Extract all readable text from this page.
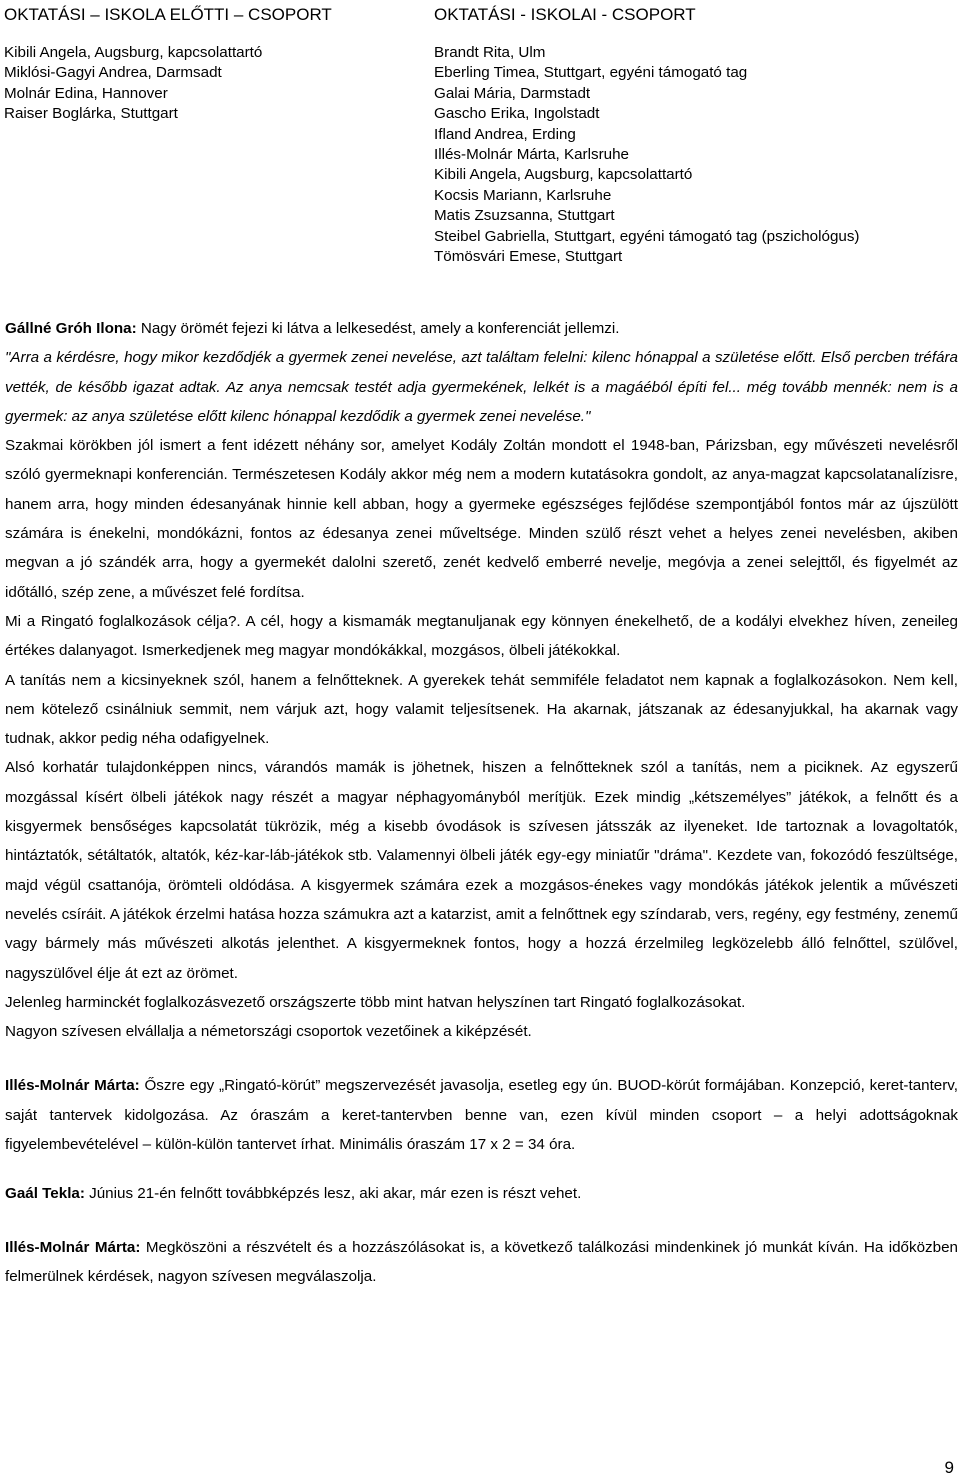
OKTATÁSI – ISKOLA ELŐTTI – CSOPORT
Kibili Angela, Augsburg, kapcsolattartó
Miklósi-Gagyi Andrea, Darmsadt
Molnár Edina, Hannover
Raiser Boglárka, Stuttgart
OKTATÁSI - ISKOLAI - CSOPORT
Brandt Rita, Ulm
Eberling Timea, Stuttgart, egyéni támogató tag
Galai Mária, Darmstadt
Gascho Erika, Ingolstadt
Ifland Andrea, Erding
Illés-Molnár Márta, Karlsruhe
Kibili Angela, Augsburg, kapcsolattartó
Kocsis Mariann, Karlsruhe
Matis Zsuzsanna, Stuttgart
Steibel Gabriella, Stuttgart, egyéni támogató tag (pszichológus)
Tömösvári Emese, Stuttgart

Gállné Gróh Ilona: Nagy örömét fejezi ki látva a lelkesedést, amely a konferenciát jellemzi.

"Arra a kérdésre, hogy mikor kezdődjék a gyermek zenei nevelése, azt találtam felelni: kilenc hónappal a születése előtt. Első percben tréfára vették, de később igazat adtak. Az anya nemcsak testét adja gyermekének, lelkét is a magáéból építi fel... még tovább mennék: nem is a gyermek: az anya születése előtt kilenc hónappal kezdődik a gyermek zenei nevelése."

Szakmai körökben jól ismert a fent idézett néhány sor, amelyet Kodály Zoltán mondott el 1948-ban, Párizsban, egy művészeti nevelésről szóló gyermeknapi konferencián. Természetesen Kodály akkor még nem a modern kutatásokra gondolt, az anya-magzat kapcsolatanalízisre, hanem arra, hogy minden édesanyának hinnie kell abban, hogy a gyermeke egészséges fejlődése szempontjából fontos már az újszülött számára is énekelni, mondókázni, fontos az édesanya zenei műveltsége. Minden szülő részt vehet a helyes zenei nevelésben, akiben megvan a jó szándék arra, hogy a gyermekét dalolni szerető, zenét kedvelő emberré nevelje, megóvja a zenei selejttől, és figyelmét az időtálló, szép zene, a művészet felé fordítsa.

Mi a Ringató foglalkozások célja?. A cél, hogy a kismamák megtanuljanak egy könnyen énekelhető, de a kodályi elvekhez híven, zeneileg értékes dalanyagot. Ismerkedjenek meg magyar mondókákkal, mozgásos, ölbeli játékokkal.

A tanítás nem a kicsinyeknek szól, hanem a felnőtteknek. A gyerekek tehát semmiféle feladatot nem kapnak a foglalkozásokon. Nem kell, nem kötelező csinálniuk semmit, nem várjuk azt, hogy valamit teljesítsenek. Ha akarnak, játszanak az édesanyjukkal, ha akarnak vagy tudnak, akkor pedig néha odafigyelnek.

Alsó korhatár tulajdonképpen nincs, várandós mamák is jöhetnek, hiszen a felnőtteknek szól a tanítás, nem a piciknek. Az egyszerű mozgással kísért ölbeli játékok nagy részét a magyar néphagyományból merítjük. Ezek mindig „kétszemélyes” játékok, a felnőtt és a kisgyermek bensőséges kapcsolatát tükrözik, még a kisebb óvodások is szívesen játsszák az ilyeneket. Ide tartoznak a lovagoltatók, hintáztatók, sétáltatók, altatók, kéz-kar-láb-játékok stb. Valamennyi ölbeli játék egy-egy miniatűr "dráma". Kezdete van, fokozódó feszültsége, majd végül csattanója, örömteli oldódása. A kisgyermek számára ezek a mozgásos-énekes vagy mondókás játékok jelentik a művészeti nevelés csíráit. A játékok érzelmi hatása hozza számukra azt a katarzist, amit a felnőttnek egy színdarab, vers, regény, egy festmény, zenemű vagy bármely más művészeti alkotás jelenthet. A kisgyermeknek fontos, hogy a hozzá érzelmileg legközelebb álló felnőttel, szülővel, nagyszülővel élje át ezt az örömet.

Jelenleg harminckét foglalkozásvezető országszerte több mint hatvan helyszínen tart Ringató foglalkozásokat.

Nagyon szívesen elvállalja a németországi csoportok vezetőinek a kiképzését.

Illés-Molnár Márta: Őszre egy „Ringató-körút” megszervezését javasolja, esetleg egy ún. BUOD-körút formájában. Konzepció, keret-tanterv, saját tantervek kidolgozása. Az óraszám a keret-tantervben benne van, ezen kívül minden csoport – a helyi adottságoknak figyelembevételével – külön-külön tantervet írhat. Minimális óraszám 17 x 2 = 34 óra.

Gaál Tekla: Június 21-én felnőtt továbbképzés lesz, aki akar, már ezen is részt vehet.

Illés-Molnár Márta: Megköszöni a részvételt és a hozzászólásokat is, a következő találkozási mindenkinek jó munkát kíván. Ha időközben felmerülnek kérdések, nagyon szívesen megválaszolja.

9
